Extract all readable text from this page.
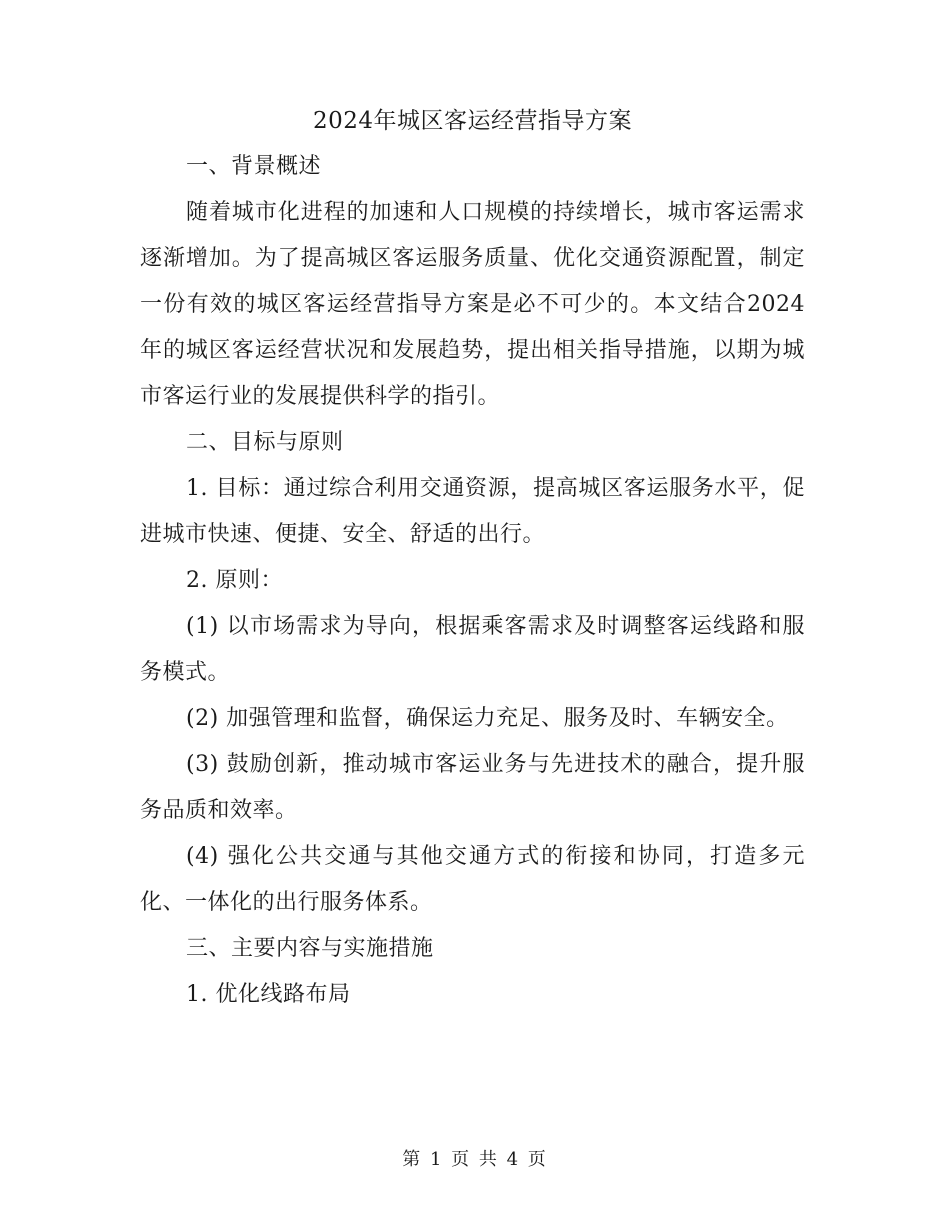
2024年城区客运经营指导方案

一、背景概述

随着城市化进程的加速和人口规模的持续增长，城市客运需求逐渐增加。为了提高城区客运服务质量、优化交通资源配置，制定一份有效的城区客运经营指导方案是必不可少的。本文结合2024年的城区客运经营状况和发展趋势，提出相关指导措施，以期为城市客运行业的发展提供科学的指引。

二、目标与原则

1. 目标：通过综合利用交通资源，提高城区客运服务水平，促进城市快速、便捷、安全、舒适的出行。

2. 原则：

(1) 以市场需求为导向，根据乘客需求及时调整客运线路和服务模式。

(2) 加强管理和监督，确保运力充足、服务及时、车辆安全。

(3) 鼓励创新，推动城市客运业务与先进技术的融合，提升服务品质和效率。

(4) 强化公共交通与其他交通方式的衔接和协同，打造多元化、一体化的出行服务体系。

三、主要内容与实施措施

1. 优化线路布局

第 1 页 共 4 页
